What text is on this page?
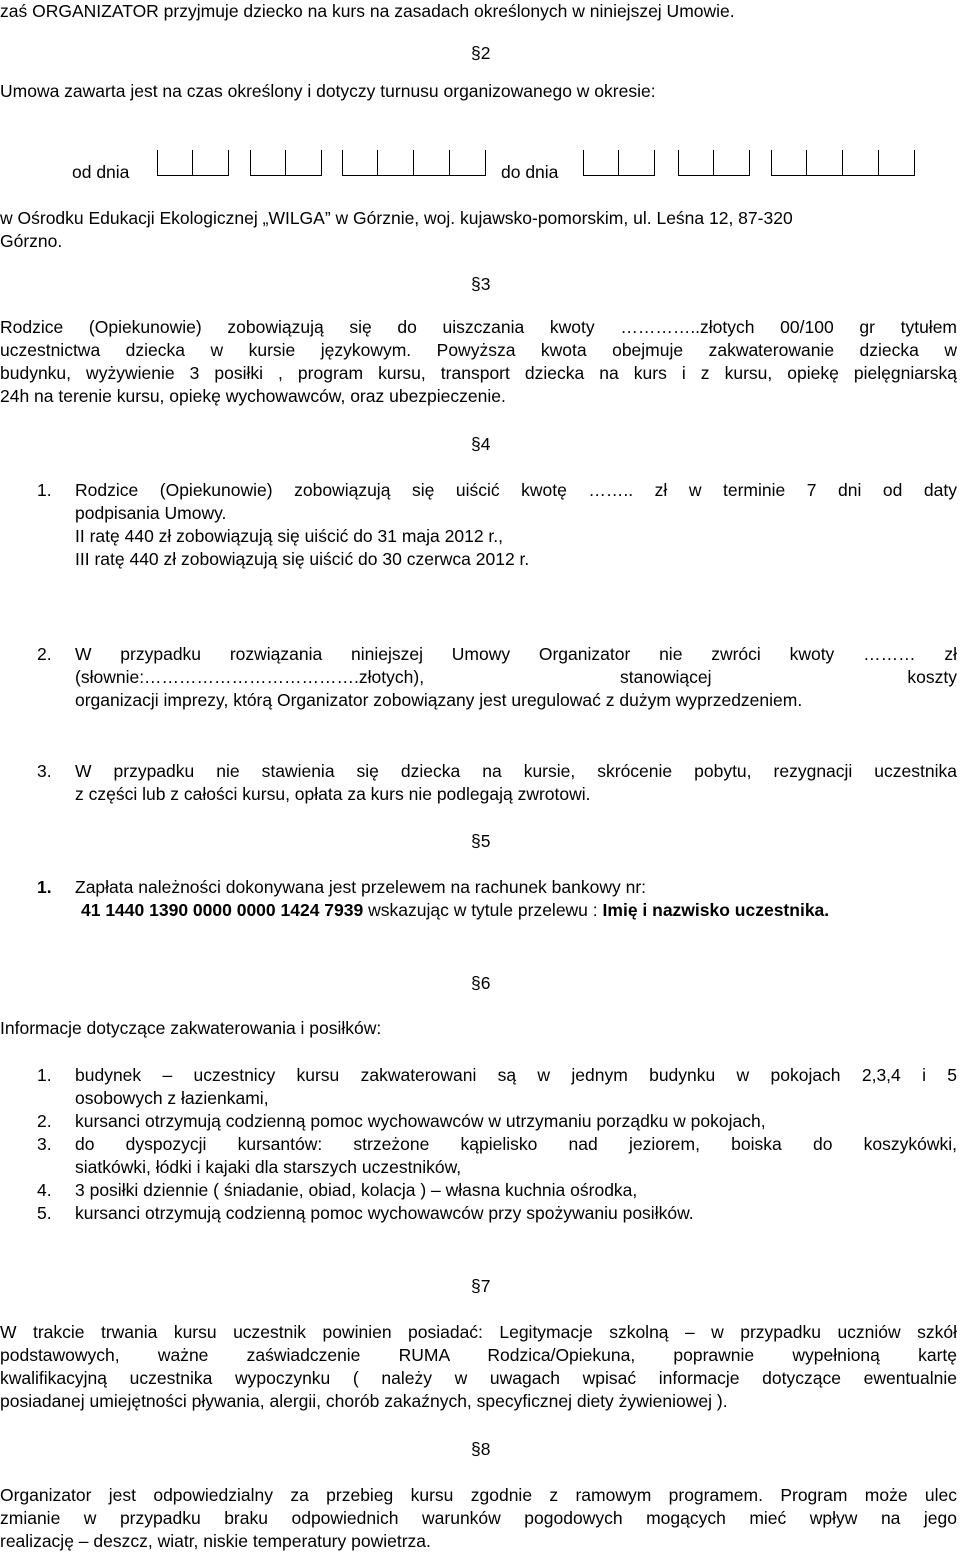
zaś ORGANIZATOR przyjmuje dziecko na kurs na zasadach określonych w niniejszej Umowie.
§2
Umowa zawarta jest na czas określony i dotyczy turnusu organizowanego w okresie:
od dnia	do dnia
w Ośrodku Edukacji Ekologicznej „WILGA” w Górznie, woj. kujawsko-pomorskim, ul. Leśna 12, 87-320
Górzno.
§3
Rodzice (Opiekunowie) zobowiązują się do uiszczania kwoty …………..złotych 00/100 gr tytułem
uczestnictwa dziecka w kursie językowym. Powyższa kwota obejmuje zakwaterowanie dziecka w
budynku, wyżywienie 3 posiłki , program kursu, transport dziecka na kurs i z kursu, opiekę pielęgniarską
24h na terenie kursu, opiekę wychowawców, oraz ubezpieczenie.
§4
1. Rodzice (Opiekunowie) zobowiązują się uiścić kwotę …….. zł w terminie 7 dni od daty
podpisania Umowy.
II ratę 440 zł zobowiązują się uiścić do 31 maja 2012 r.,
III ratę 440 zł zobowiązują się uiścić do 30 czerwca 2012 r.
2. W przypadku rozwiązania niniejszej Umowy Organizator nie zwróci kwoty ……… zł
(słownie:……………………………….złotych), stanowiącej koszty
organizacji imprezy, którą Organizator zobowiązany jest uregulować z dużym wyprzedzeniem.
3. W przypadku nie stawienia się dziecka na kursie, skrócenie pobytu, rezygnacji uczestnika
z części lub z całości kursu, opłata za kurs nie podlegają zwrotowi.
§5
1. Zapłata należności dokonywana jest przelewem na rachunek bankowy nr:
41 1440 1390 0000 0000 1424 7939 wskazując w tytule przelewu : Imię i nazwisko uczestnika.
§6
Informacje dotyczące zakwaterowania i posiłków:
1. budynek – uczestnicy kursu zakwaterowani są w jednym budynku w pokojach 2,3,4 i 5
osobowych z łazienkami,
2. kursanci otrzymują codzienną pomoc wychowawców w utrzymaniu porządku w pokojach,
3. do dyspozycji kursantów: strzeżone kąpielisko nad jeziorem, boiska do koszykówki,
siatkówki, łódki i kajaki dla starszych uczestników,
4. 3 posiłki dziennie ( śniadanie, obiad, kolacja ) – własna kuchnia ośrodka,
5. kursanci otrzymują codzienną pomoc wychowawców przy spożywaniu posiłków.
§7
W trakcie trwania kursu uczestnik powinien posiadać: Legitymacje szkolną – w przypadku uczniów szkół
podstawowych, ważne zaświadczenie RUMA Rodzica/Opiekuna, poprawnie wypełnioną kartę
kwalifikacyjną uczestnika wypoczynku ( należy w uwagach wpisać informacje dotyczące ewentualnie
posiadanej umiejętności pływania, alergii, chorób zakaźnych, specyficznej diety żywieniowej ).
§8
Organizator jest odpowiedzialny za przebieg kursu zgodnie z ramowym programem. Program może ulec
zmianie w przypadku braku odpowiednich warunków pogodowych mogących mieć wpływ na jego
realizację – deszcz, wiatr, niskie temperatury powietrza.
